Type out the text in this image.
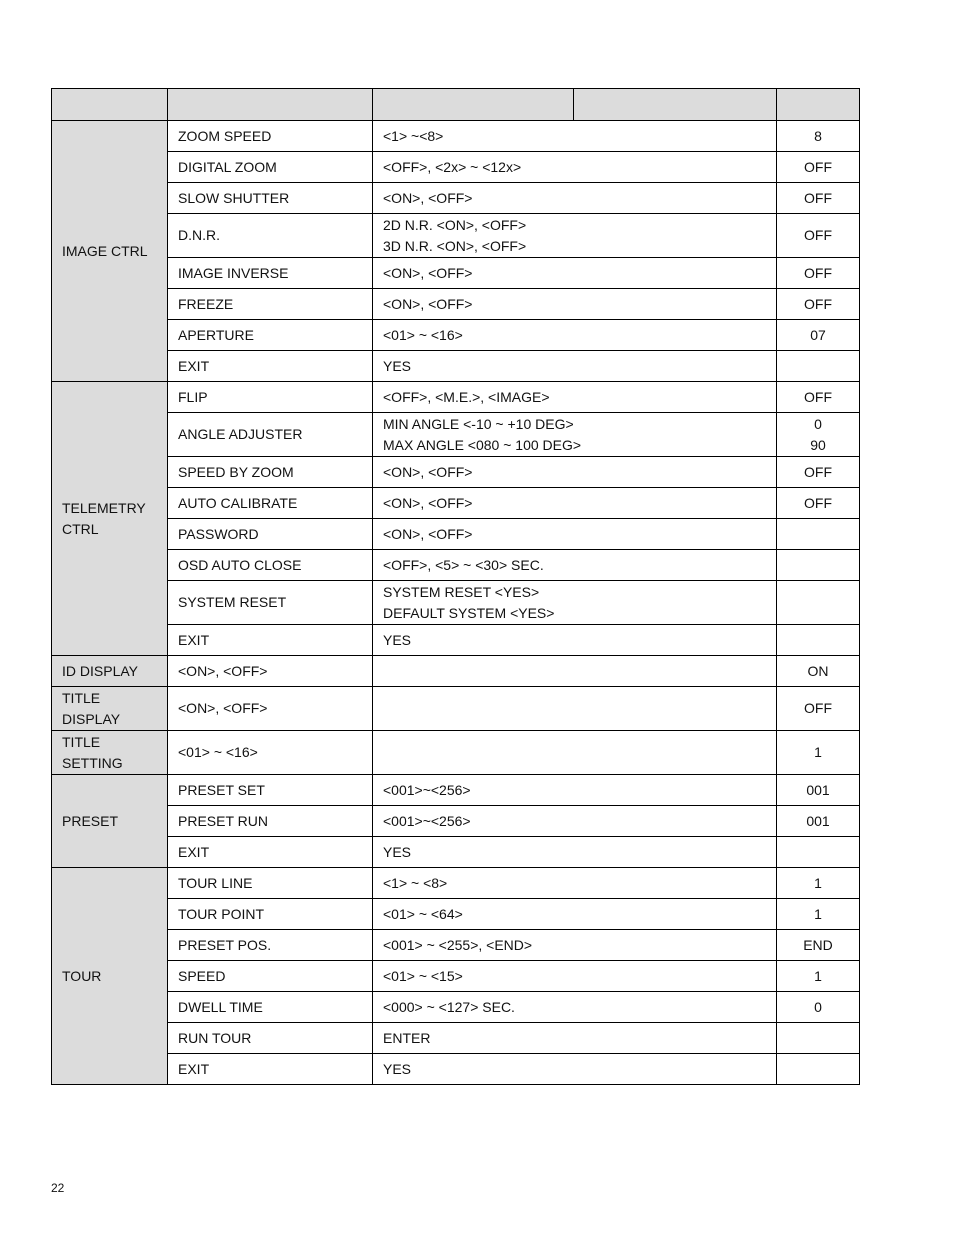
IMAGE CTRL	ZOOM SPEED	<1> ~<8>		8

	DIGITAL ZOOM	<OFF>, <2x> ~ <12x>		OFF

	SLOW SHUTTER	<ON>, <OFF>		OFF

	D.N.R.	2D N.R. <ON>, <OFF>
3D N.R. <ON>, <OFF>		OFF

	IMAGE INVERSE	<ON>, <OFF>		OFF

	FREEZE	<ON>, <OFF>		OFF

	APERTURE	<01> ~ <16>		07

	EXIT	YES		

TELEMETRY CTRL	FLIP	<OFF>, <M.E.>, <IMAGE>		OFF

	ANGLE ADJUSTER	MIN ANGLE <-10 ~ +10 DEG>
MAX ANGLE <080 ~ 100 DEG>		0
90

	SPEED BY ZOOM	<ON>, <OFF>		OFF

	AUTO CALIBRATE	<ON>, <OFF>		OFF

	PASSWORD	<ON>, <OFF>		

	OSD AUTO CLOSE	<OFF>, <5> ~ <30> SEC.		

	SYSTEM RESET	SYSTEM RESET <YES>
DEFAULT SYSTEM <YES>		

	EXIT	YES		

ID DISPLAY	<ON>, <OFF>			ON
TITLE DISPLAY	<ON>, <OFF>			OFF
TITLE SETTING	<01> ~ <16>			1
PRESET	PRESET SET	<001>~<256>		001

	PRESET RUN	<001>~<256>		001

	EXIT	YES		

TOUR	TOUR LINE	<1> ~ <8>		1

	TOUR POINT	<01> ~ <64>		1

	PRESET POS.	<001> ~ <255>, <END>		END

	SPEED	<01> ~ <15>		1

	DWELL TIME	<000> ~ <127> SEC.		0

	RUN TOUR	ENTER		

	EXIT	YES		

22
